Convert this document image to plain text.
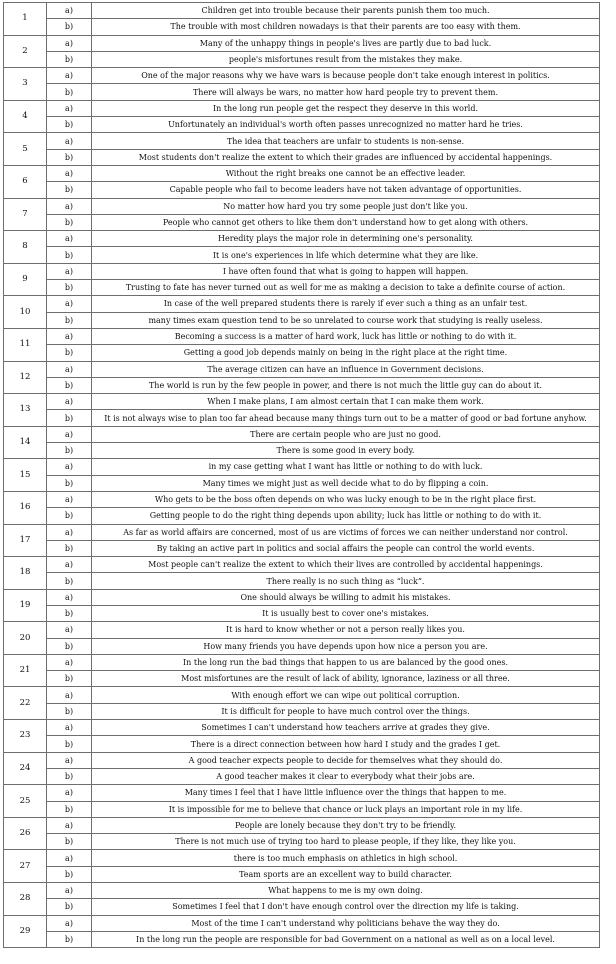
1	a)	Children get into trouble because their parents punish them too much.
	b)	The trouble with most children nowadays is that their parents are too easy with them.
2	a)	Many of the unhappy things in people's lives are partly due to bad luck.
	b)	people's misfortunes result from the mistakes they make.
3	a)	One of the major reasons why we have wars is because people don't take enough interest in politics.
	b)	There will always be wars, no matter how hard people try to prevent them.
4	a)	In the long run people get the respect they deserve in this world.
	b)	Unfortunately an individual's worth often passes unrecognized no matter hard he tries.
5	a)	The idea that teachers are unfair to students is non-sense.
	b)	Most students don't realize the extent to which their grades are influenced by accidental happenings.
6	a)	Without the right breaks one cannot be an effective leader.
	b)	Capable people who fail to become leaders have not taken advantage of opportunities.
7	a)	No matter how hard you try some people just don't like you.
	b)	People who cannot get others to like them don't understand how to get along with others.
8	a)	Heredity plays the major role in determining one's personality.
	b)	It is one's experiences in life which determine what they are like.
9	a)	I have often found that what is going to happen will happen.
	b)	Trusting to fate has never turned out as well for me as making a decision to take a definite course of action.
10	a)	In case of the well prepared students there is rarely if ever such a thing as an unfair test.
	b)	many times exam question tend to be so unrelated to course work that studying is really useless.
11	a)	Becoming a success is a matter of hard work, luck has little or nothing to do with it.
	b)	Getting a good job depends mainly on being in the right place at the right time.
12	a)	The average citizen can have an influence in Government decisions.
	b)	The world is run by the few people in power, and there is not much the little guy can do about it.
13	a)	When I make plans, I am almost certain that I can make them work.
	b)	It is not always wise to plan too far ahead because many things turn out to be a matter of good or bad fortune anyhow.
14	a)	There are certain people who are just no good.
	b)	There is some good in every body.
15	a)	in my case getting what I want has little or nothing to do with luck.
	b)	Many times we might just as well decide what to do by flipping a coin.
16	a)	Who gets to be the boss often depends on who was lucky enough to be in the right place first.
	b)	Getting people to do the right thing depends upon ability; luck has little or nothing to do with it.
17	a)	As far as world affairs are concerned, most of us are victims of forces we can neither understand nor control.
	b)	By taking an active part in politics and social affairs the people can control the world events.
18	a)	Most people can't realize the extent to which their lives are controlled by accidental happenings.
	b)	There really is no such thing as “luck”.
19	a)	One should always be willing to admit his mistakes.
	b)	It is usually best to cover one's mistakes.
20	a)	It is hard to know whether or not a person really likes you.
	b)	How many friends you have depends upon how nice a person you are.
21	a)	In the long run the bad things that happen to us are balanced by the good ones.
	b)	Most misfortunes are the result of lack of ability, ignorance, laziness or all three.
22	a)	With enough effort we can wipe out political corruption.
	b)	It is difficult for people to have much control over the things.
23	a)	Sometimes I can't understand how teachers arrive at grades they give.
	b)	There is a direct connection between how hard I study and the grades I get.
24	a)	A good teacher expects people to decide for themselves what they should do.
	b)	A good teacher makes it clear to everybody what their jobs are.
25	a)	Many times I feel that I have little influence over the things that happen to me.
	b)	It is impossible for me to believe that chance or luck plays an important role in my life.
26	a)	People are lonely because they don't try to be friendly.
	b)	There is not much use of trying too hard to please people, if they like, they like you.
27	a)	there is too much emphasis on athletics in high school.
	b)	Team sports are an excellent way to build character.
28	a)	What happens to me is my own doing.
	b)	Sometimes I feel that I don't have enough control over the direction my life is taking.
29	a)	Most of the time I can't understand why politicians behave the way they do.
	b)	In the long run the people are responsible for bad Government on a national as well as on a local level.
